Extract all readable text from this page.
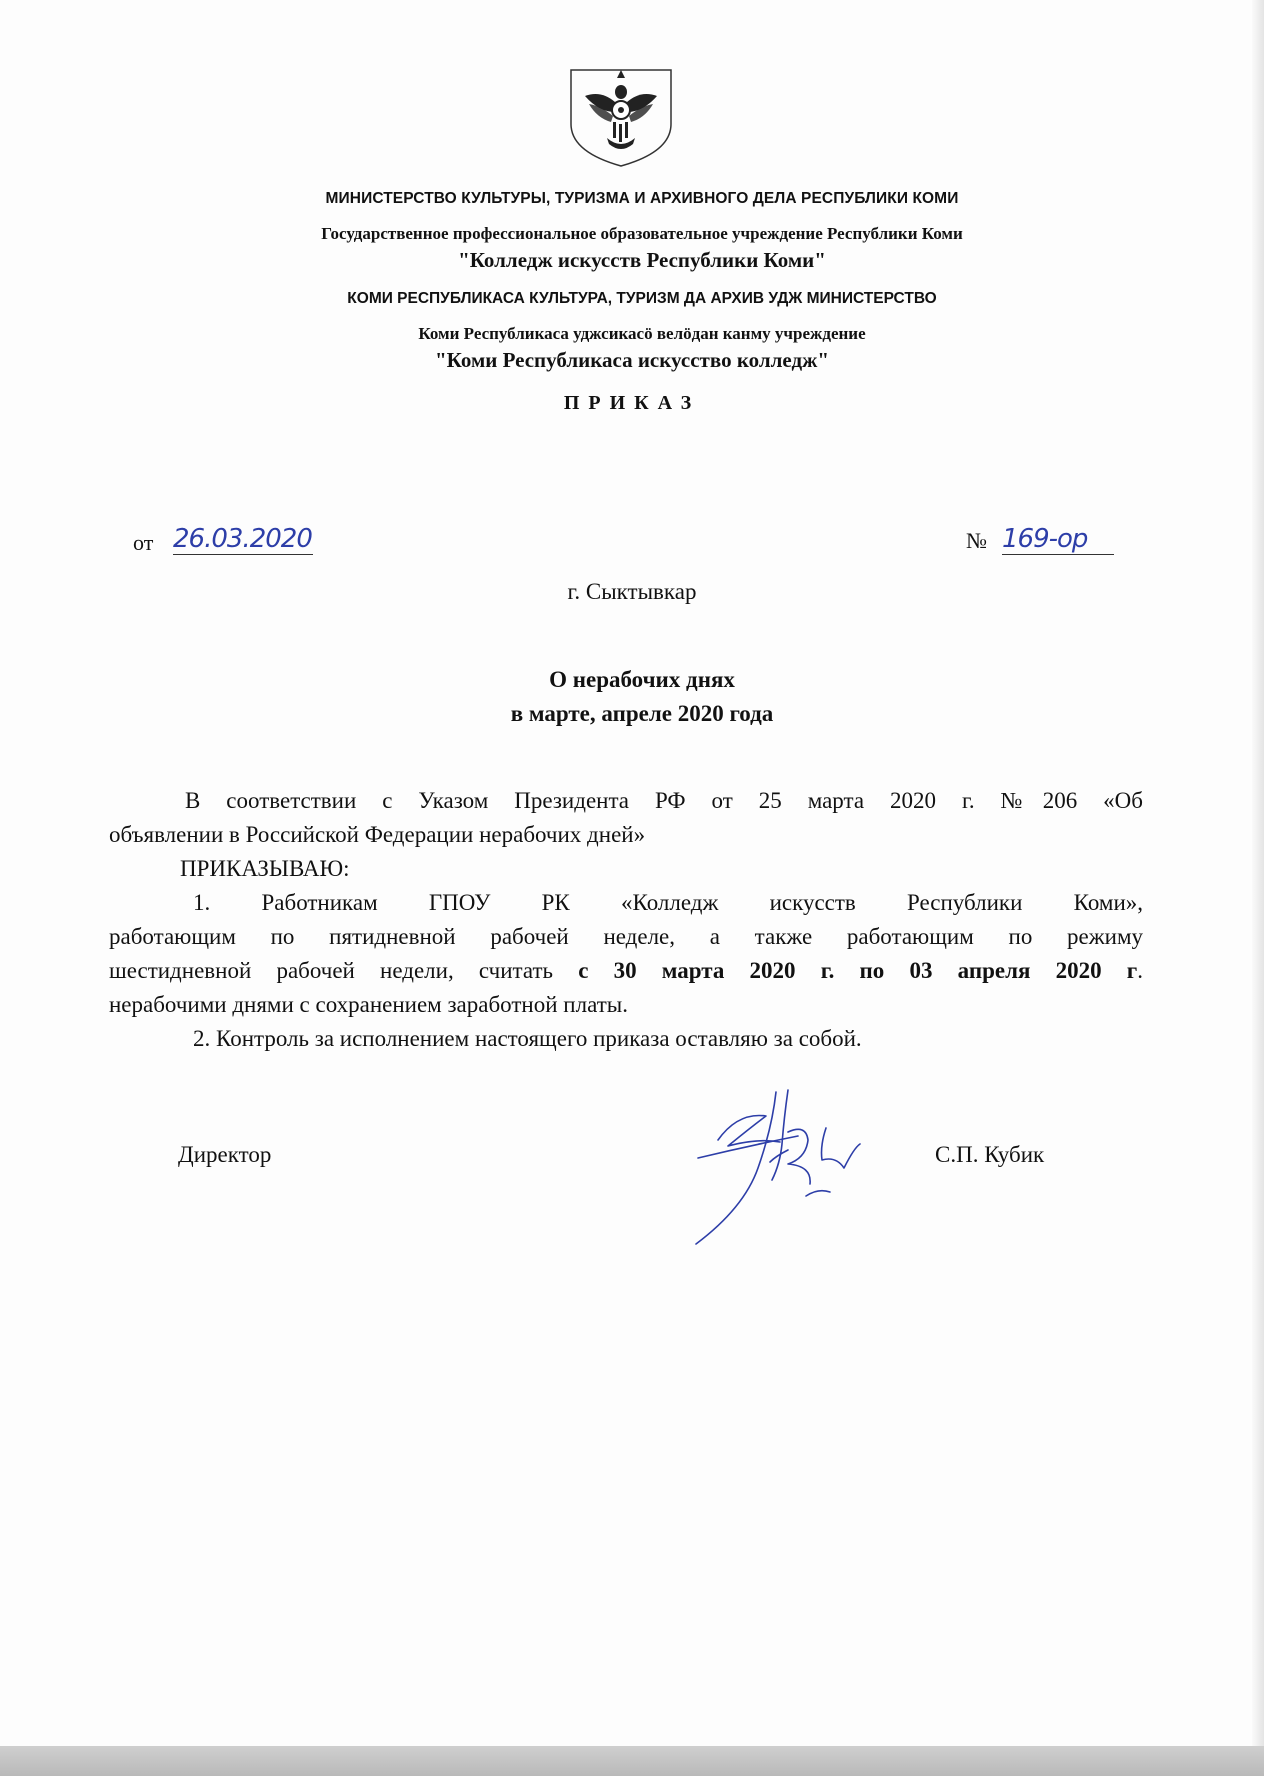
МИНИСТЕРСТВО КУЛЬТУРЫ, ТУРИЗМА И АРХИВНОГО ДЕЛА РЕСПУБЛИКИ КОМИ
Государственное профессиональное образовательное учреждение Республики Коми
"Колледж искусств Республики Коми"
КОМИ РЕСПУБЛИКАСА КУЛЬТУРА, ТУРИЗМ ДА АРХИВ УДЖ МИНИСТЕРСТВО
Коми Республикаса уджсикасӧ велӧдан канму учреждение
"Коми Республикаса искусство колледж"
ПРИКАЗ
от 26.03.2020	№ 169-ор
г. Сыктывкар
О нерабочих днях
в марте, апреле 2020 года
В соответствии с Указом Президента РФ от 25 марта 2020 г. №206 «Об
объявлении в Российской Федерации нерабочих дней»
ПРИКАЗЫВАЮ:
1. Работникам ГПОУ РК «Колледж искусств Республики Коми»,
работающим по пятидневной рабочей неделе, а также работающим по режиму
шестидневной рабочей недели, считать с 30 марта 2020 г. по 03 апреля 2020 г.
нерабочими днями с сохранением заработной платы.
2. Контроль за исполнением настоящего приказа оставляю за собой.
Директор	С.П. Кубик
